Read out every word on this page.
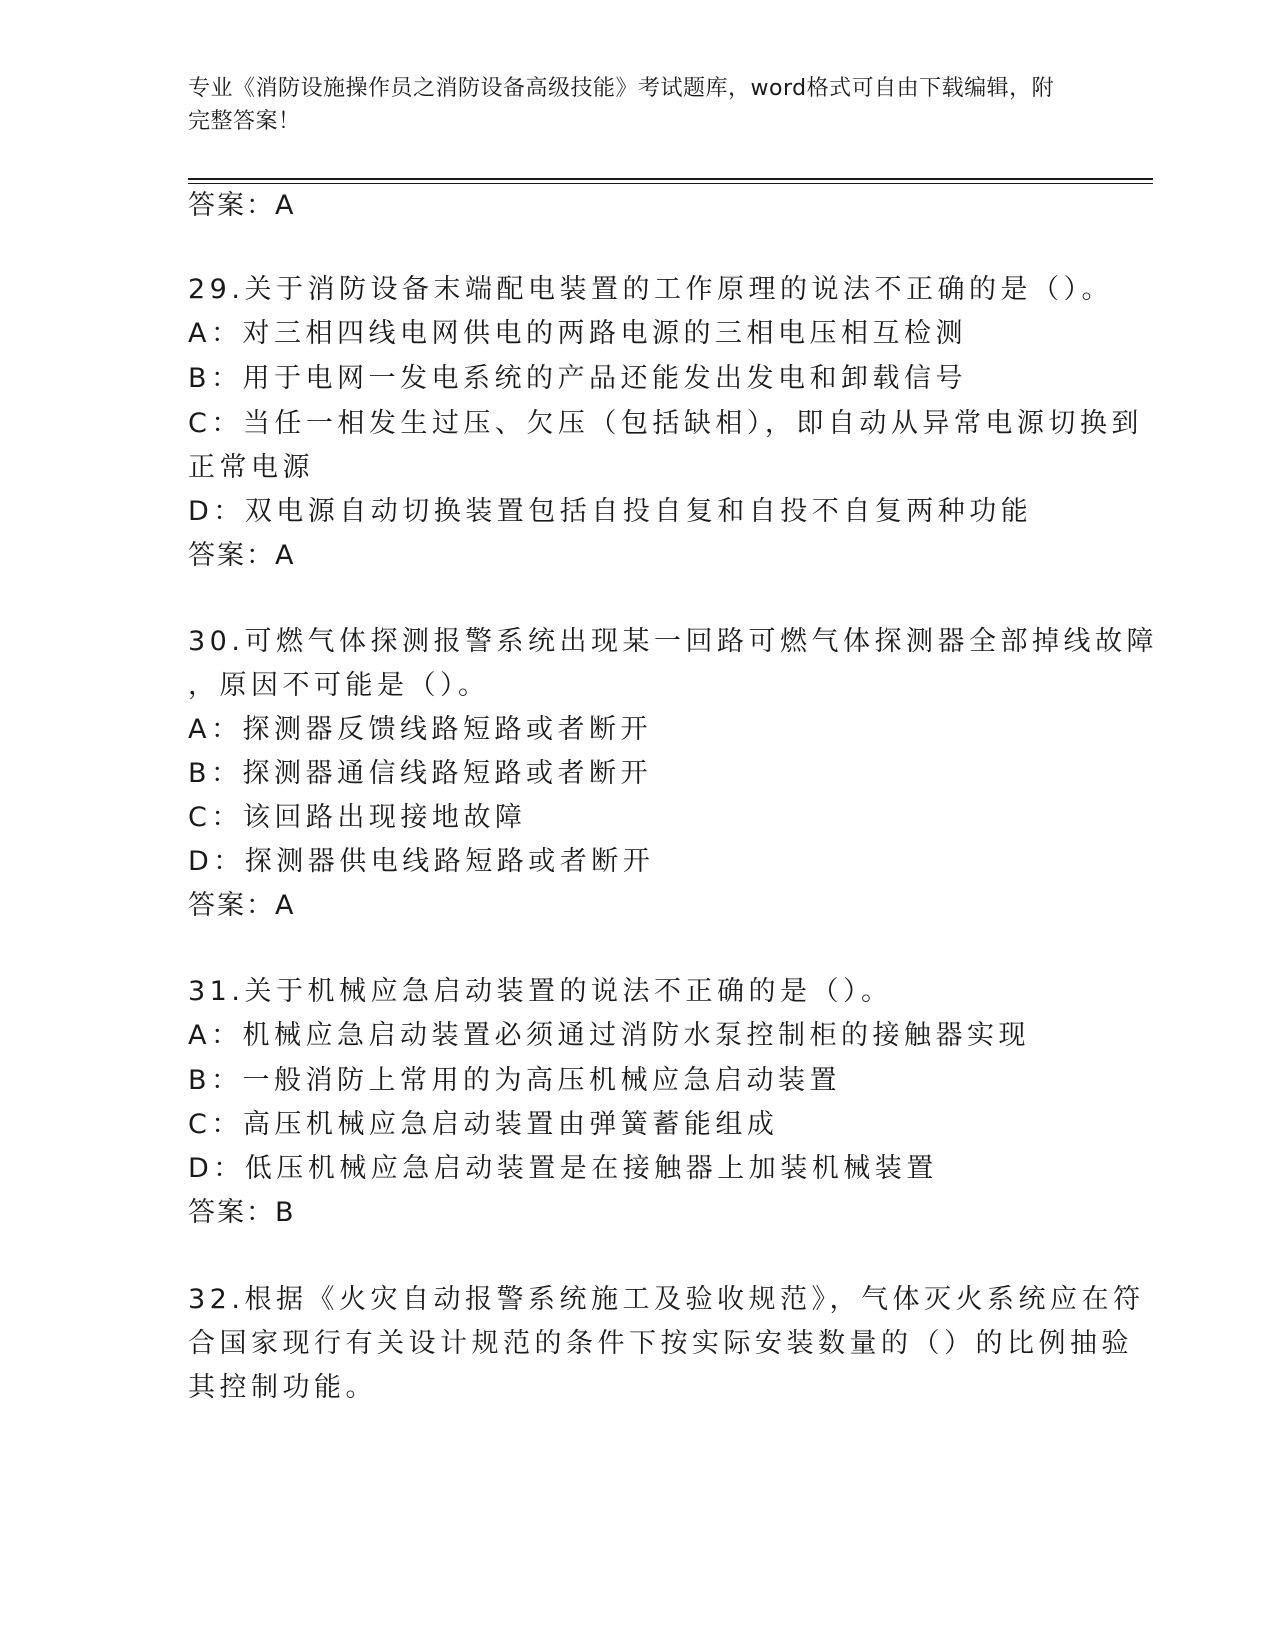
专业《消防设施操作员之消防设备高级技能》考试题库，word格式可自由下载编辑，附完整答案！
答案：A
29.关于消防设备末端配电装置的工作原理的说法不正确的是（）。
A：对三相四线电网供电的两路电源的三相电压相互检测
B：用于电网一发电系统的产品还能发出发电和卸载信号
C：当任一相发生过压、欠压（包括缺相），即自动从异常电源切换到
正常电源
D：双电源自动切换装置包括自投自复和自投不自复两种功能
答案：A
30.可燃气体探测报警系统出现某一回路可燃气体探测器全部掉线故障
，原因不可能是（）。
A：探测器反馈线路短路或者断开
B：探测器通信线路短路或者断开
C：该回路出现接地故障
D：探测器供电线路短路或者断开
答案：A
31.关于机械应急启动装置的说法不正确的是（）。
A：机械应急启动装置必须通过消防水泵控制柜的接触器实现
B：一般消防上常用的为高压机械应急启动装置
C：高压机械应急启动装置由弹簧蓄能组成
D：低压机械应急启动装置是在接触器上加装机械装置
答案：B
32.根据《火灾自动报警系统施工及验收规范》，气体灭火系统应在符
合国家现行有关设计规范的条件下按实际安装数量的（）的比例抽验
其控制功能。
